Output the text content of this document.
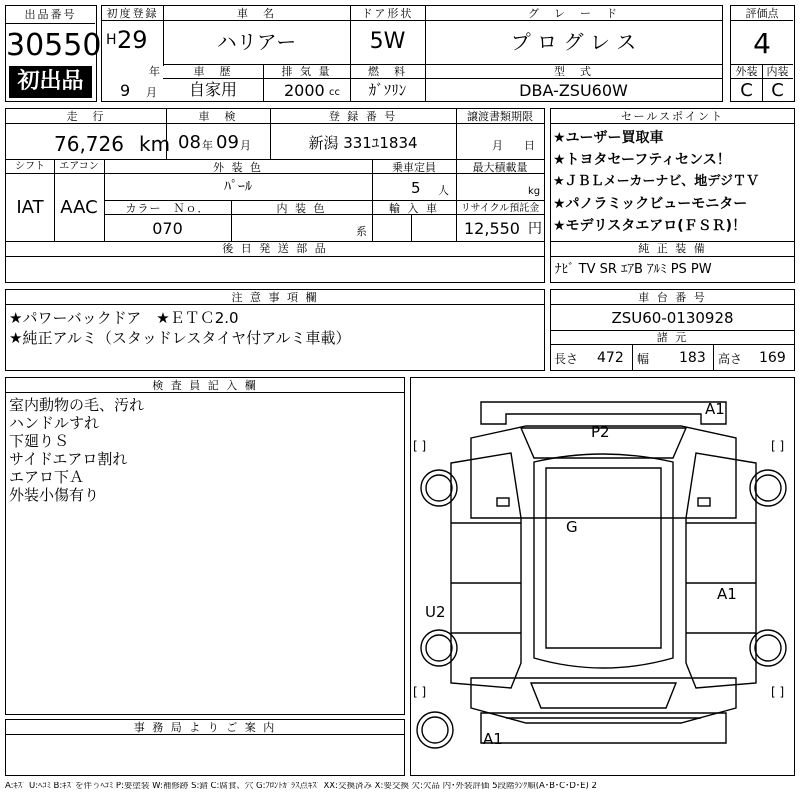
出品番号
30550
初出品
初度登録
H 29
年
車　名
ハリアー
ドア形状
5W
グ　レ　ー　ド
プ ロ グ レ ス
車　歴
自家用
排 気 量
2000 cc
燃　料
ｶﾞｿﾘﾝ
型　式
DBA-ZSU60W
9 月
評価点
4
外装 内装
C	C
走　行
76,726 km
車　検
08 年 09 月
登 録 番 号
新潟 331ﾕ1834
譲渡書類期限
月 日
シフト
IAT
エアコン
AAC
外 装 色
ﾊﾟｰﾙ
乗車定員
5 人
最大積載量
kg
カラー　Ｎｏ．
070
内 装 色
系
輸 入 車	リサイクル預託金
12,550 円
後 日 発 送 部 品
セールスポイント
★ユーザー買取車
★トヨタセーフティセンス！
★ＪＢＬメーカーナビ、地デジＴＶ
★パノラミックビューモニター
★モデリスタエアロ(ＦＳＲ)！
純 正 装 備
ﾅﾋﾞ TV SR ｴｱB ｱﾙﾐ PS PW
注 意 事 項 欄
★パワーバックドア　★ＥＴＣ2.0
★純正アルミ（スタッドレスタイヤ付アルミ車載）
車 台 番 号
ZSU60-0130928
諸 元
長さ 472 幅 183 高さ 169
検 査 員 記 入 欄
室内動物の毛、汚れ
ハンドルすれ
下廻りＳ
サイドエアロ割れ
エアロ下Ａ
外装小傷有り
事 務 局 よ り ご 案 内
[ ]	[ ]
[ ]	[ ]
A1
P2
G
A1
U2
A1
A:ｷｽﾞ U:ﾍｺﾐ B:ｷｽﾞを伴うﾍｺﾐ P:要塗装 W:補修跡 S:錆 C:腐食、穴 G:ﾌﾛﾝﾄｶﾞﾗｽ点ｷｽﾞ XX:交換済み X:要交換 欠:欠品 内･外装評価 5段階ﾗﾝｸ順(A･B･C･D･E) 2
